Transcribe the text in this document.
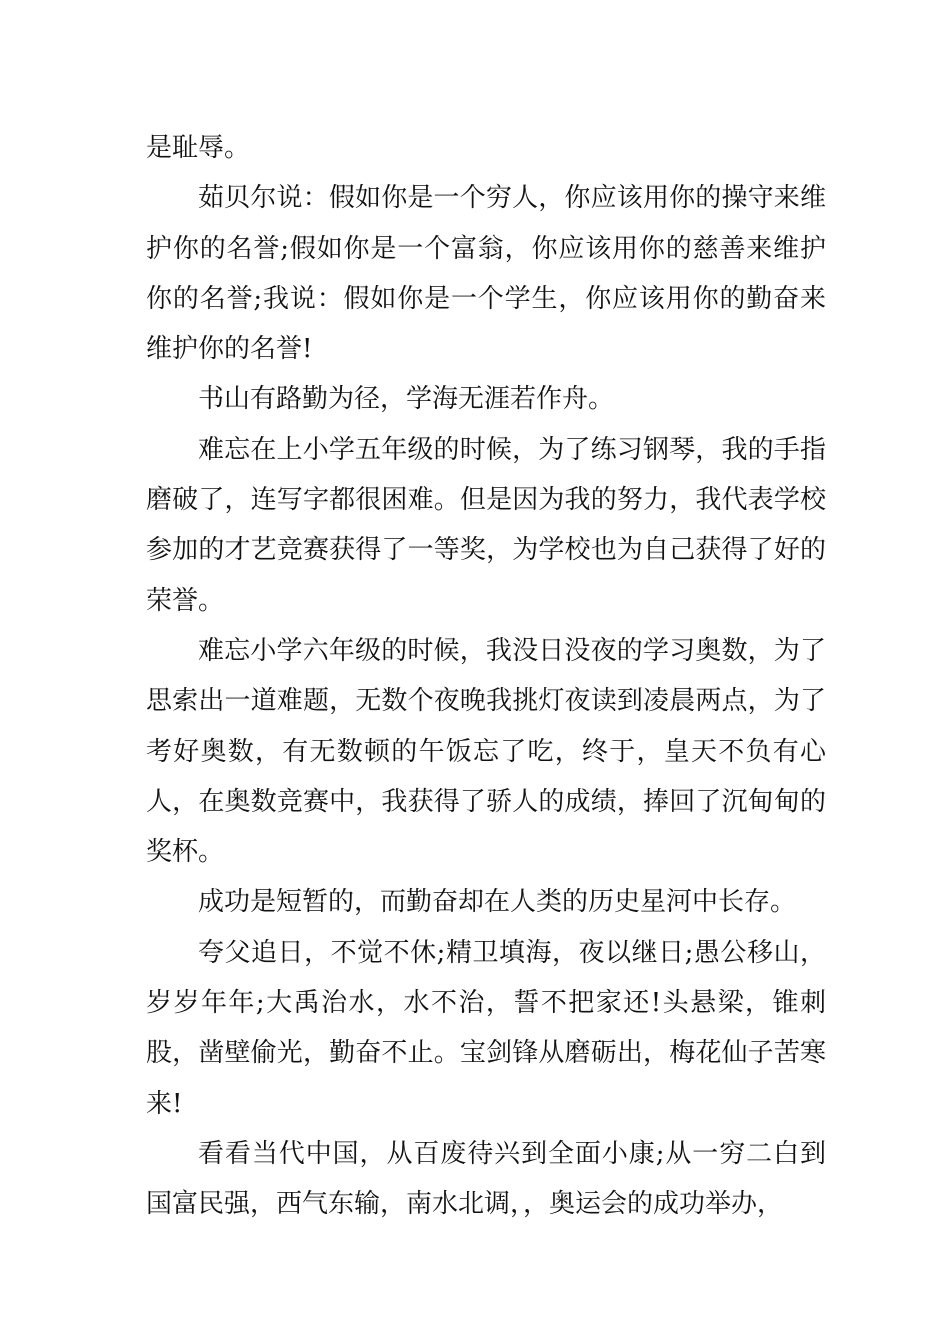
是耻辱。

茹贝尔说：假如你是一个穷人，你应该用你的操守来维护你的名誉;假如你是一个富翁，你应该用你的慈善来维护你的名誉;我说：假如你是一个学生，你应该用你的勤奋来维护你的名誉!

书山有路勤为径，学海无涯若作舟。

难忘在上小学五年级的时候，为了练习钢琴，我的手指磨破了，连写字都很困难。但是因为我的努力，我代表学校参加的才艺竞赛获得了一等奖，为学校也为自己获得了好的荣誉。

难忘小学六年级的时候，我没日没夜的学习奥数，为了思索出一道难题，无数个夜晚我挑灯夜读到凌晨两点，为了考好奥数，有无数顿的午饭忘了吃，终于，皇天不负有心人，在奥数竞赛中，我获得了骄人的成绩，捧回了沉甸甸的奖杯。

成功是短暂的，而勤奋却在人类的历史星河中长存。

夸父追日，不觉不休;精卫填海，夜以继日;愚公移山，岁岁年年;大禹治水，水不治，誓不把家还!头悬梁，锥刺股，凿壁偷光，勤奋不止。宝剑锋从磨砺出，梅花仙子苦寒来!

看看当代中国，从百废待兴到全面小康;从一穷二白到国富民强，西气东输，南水北调，，奥运会的成功举办，
